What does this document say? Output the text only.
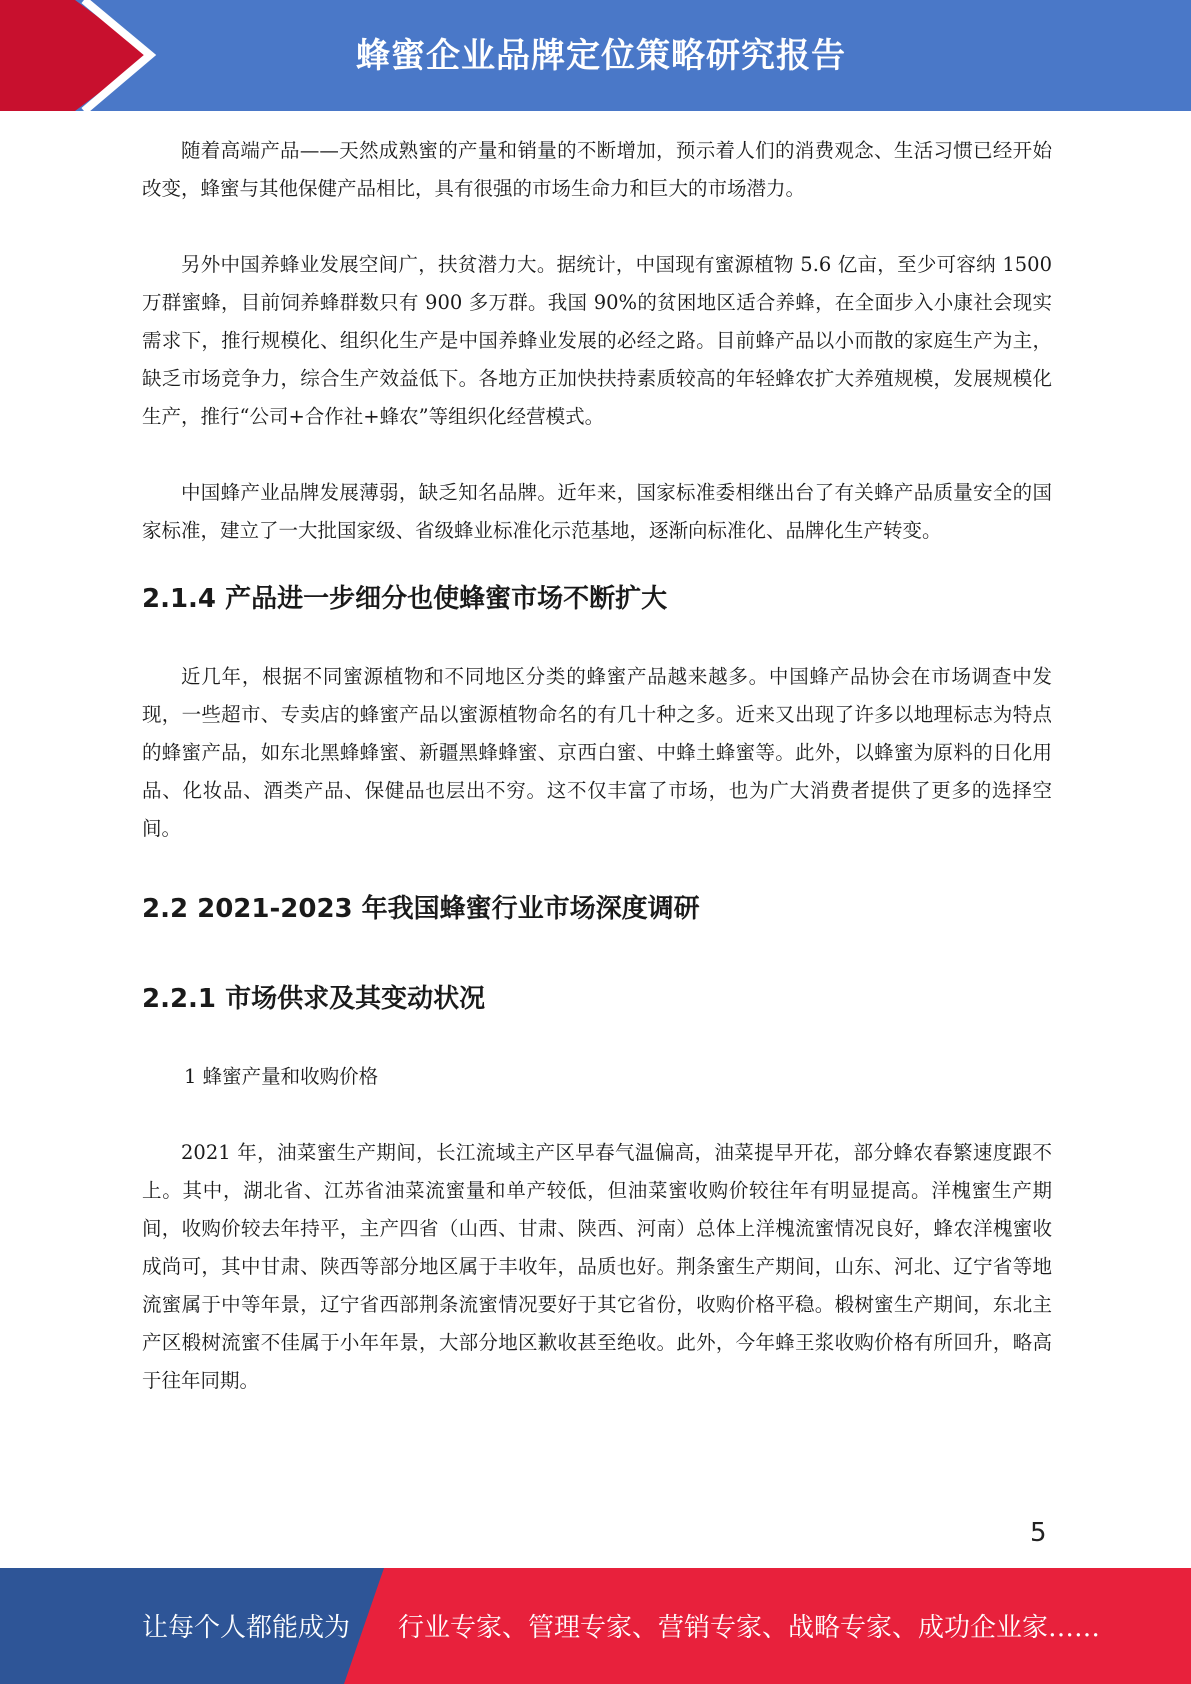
蜂蜜企业品牌定位策略研究报告

随着高端产品——天然成熟蜜的产量和销量的不断增加，预示着人们的消费观念、生活习惯已经开始改变，蜂蜜与其他保健产品相比，具有很强的市场生命力和巨大的市场潜力。

另外中国养蜂业发展空间广，扶贫潜力大。据统计，中国现有蜜源植物 5.6 亿亩，至少可容纳 1500 万群蜜蜂，目前饲养蜂群数只有 900 多万群。我国 90%的贫困地区适合养蜂，在全面步入小康社会现实需求下，推行规模化、组织化生产是中国养蜂业发展的必经之路。目前蜂产品以小而散的家庭生产为主，缺乏市场竞争力，综合生产效益低下。各地方正加快扶持素质较高的年轻蜂农扩大养殖规模，发展规模化生产，推行“公司+合作社+蜂农”等组织化经营模式。

中国蜂产业品牌发展薄弱，缺乏知名品牌。近年来，国家标准委相继出台了有关蜂产品质量安全的国家标准，建立了一大批国家级、省级蜂业标准化示范基地，逐渐向标准化、品牌化生产转变。

2.1.4 产品进一步细分也使蜂蜜市场不断扩大

近几年，根据不同蜜源植物和不同地区分类的蜂蜜产品越来越多。中国蜂产品协会在市场调查中发现，一些超市、专卖店的蜂蜜产品以蜜源植物命名的有几十种之多。近来又出现了许多以地理标志为特点的蜂蜜产品，如东北黑蜂蜂蜜、新疆黑蜂蜂蜜、京西白蜜、中蜂土蜂蜜等。此外，以蜂蜜为原料的日化用品、化妆品、酒类产品、保健品也层出不穷。这不仅丰富了市场，也为广大消费者提供了更多的选择空间。

2.2 2021-2023 年我国蜂蜜行业市场深度调研
2.2.1 市场供求及其变动状况

1 蜂蜜产量和收购价格

2021 年，油菜蜜生产期间，长江流域主产区早春气温偏高，油菜提早开花，部分蜂农春繁速度跟不上。其中，湖北省、江苏省油菜流蜜量和单产较低，但油菜蜜收购价较往年有明显提高。洋槐蜜生产期间，收购价较去年持平，主产四省（山西、甘肃、陕西、河南）总体上洋槐流蜜情况良好，蜂农洋槐蜜收成尚可，其中甘肃、陕西等部分地区属于丰收年，品质也好。荆条蜜生产期间，山东、河北、辽宁省等地流蜜属于中等年景，辽宁省西部荆条流蜜情况要好于其它省份，收购价格平稳。椴树蜜生产期间，东北主产区椴树流蜜不佳属于小年年景，大部分地区歉收甚至绝收。此外，今年蜂王浆收购价格有所回升，略高于往年同期。

5
让每个人都能成为 行业专家、管理专家、营销专家、战略专家、成功企业家……
